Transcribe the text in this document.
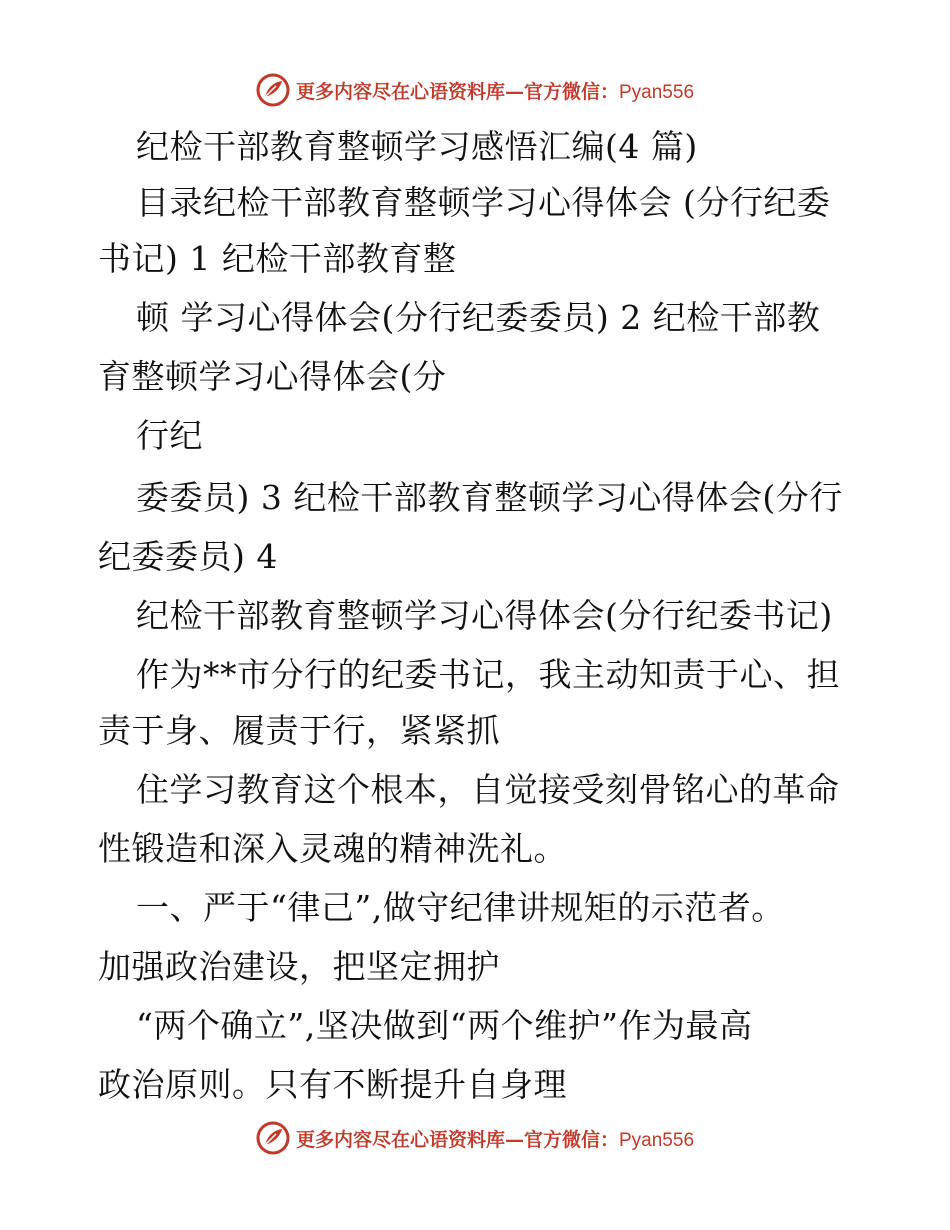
更多内容尽在心语资料库—官方微信：Pyan556
纪检干部教育整顿学习感悟汇编(4 篇)
目录纪检干部教育整顿学习心得体会 (分行纪委
书记) 1 纪检干部教育整
顿 学习心得体会(分行纪委委员) 2 纪检干部教
育整顿学习心得体会(分
行纪
委委员) 3 纪检干部教育整顿学习心得体会(分行
纪委委员) 4
纪检干部教育整顿学习心得体会(分行纪委书记)
作为**市分行的纪委书记，我主动知责于心、担
责于身、履责于行，紧紧抓
住学习教育这个根本，自觉接受刻骨铭心的革命
性锻造和深入灵魂的精神洗礼。
一、严于“律己”,做守纪律讲规矩的示范者。
加强政治建设，把坚定拥护
“两个确立”,坚决做到“两个维护”作为最高
政治原则。只有不断提升自身理
更多内容尽在心语资料库—官方微信：Pyan556
